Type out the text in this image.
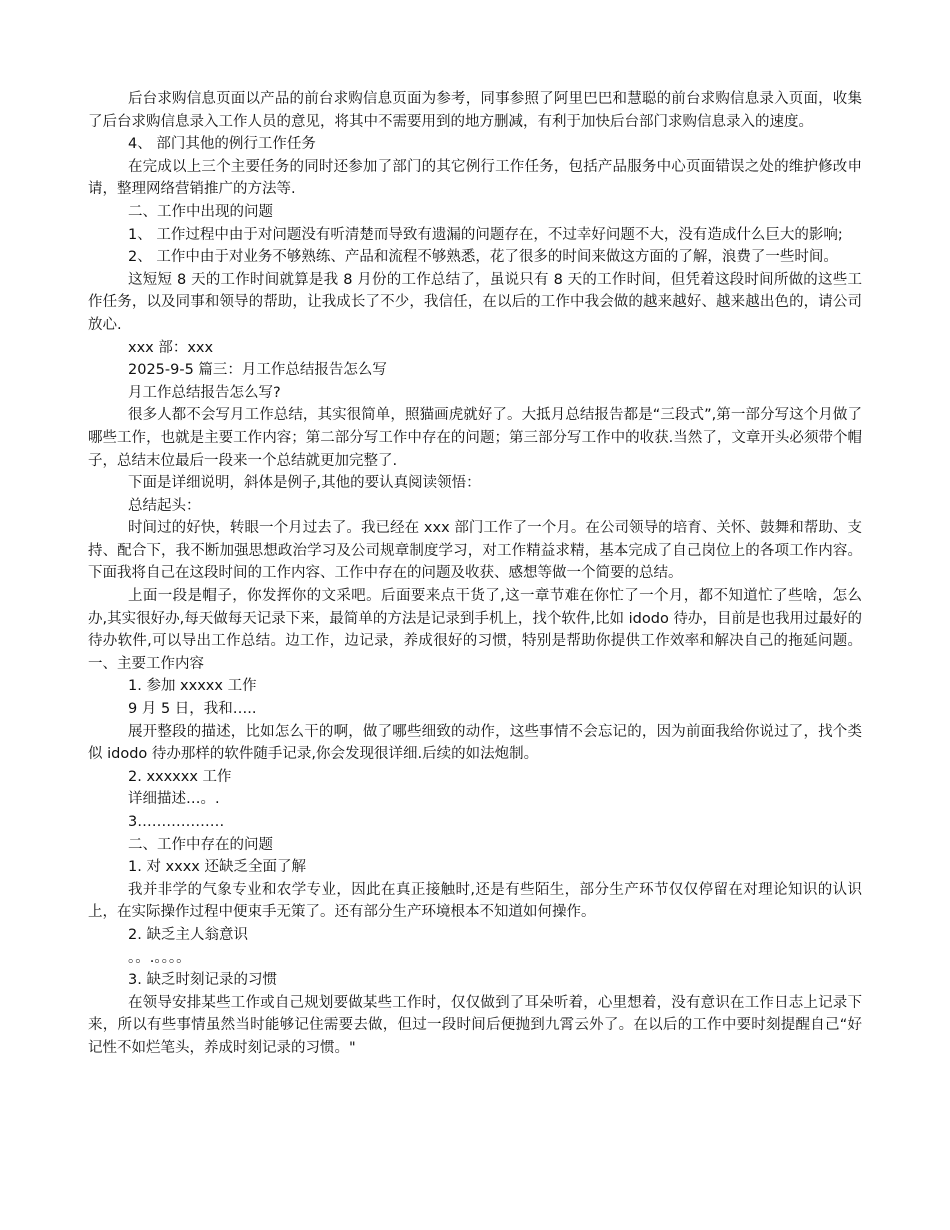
后台求购信息页面以产品的前台求购信息页面为参考，同事参照了阿里巴巴和慧聪的前台求购信息录入页面，收集了后台求购信息录入工作人员的意见，将其中不需要用到的地方删减，有利于加快后台部门求购信息录入的速度。

4、 部门其他的例行工作任务

在完成以上三个主要任务的同时还参加了部门的其它例行工作任务，包括产品服务中心页面错误之处的维护修改申请，整理网络营销推广的方法等.

二、工作中出现的问题

1、 工作过程中由于对问题没有听清楚而导致有遗漏的问题存在，不过幸好问题不大，没有造成什么巨大的影响;

2、 工作中由于对业务不够熟练、产品和流程不够熟悉，花了很多的时间来做这方面的了解，浪费了一些时间。

这短短 8 天的工作时间就算是我 8 月份的工作总结了，虽说只有 8 天的工作时间，但凭着这段时间所做的这些工作任务，以及同事和领导的帮助，让我成长了不少，我信任，在以后的工作中我会做的越来越好、越来越出色的，请公司放心.

xxx 部：xxx

2025-9-5 篇三：月工作总结报告怎么写

月工作总结报告怎么写?

很多人都不会写月工作总结，其实很简单，照猫画虎就好了。大抵月总结报告都是“三段式”,第一部分写这个月做了哪些工作，也就是主要工作内容；第二部分写工作中存在的问题；第三部分写工作中的收获.当然了，文章开头必须带个帽子，总结末位最后一段来一个总结就更加完整了.

下面是详细说明，斜体是例子,其他的要认真阅读领悟：

总结起头：

时间过的好快，转眼一个月过去了。我已经在 xxx 部门工作了一个月。在公司领导的培育、关怀、鼓舞和帮助、支持、配合下，我不断加强思想政治学习及公司规章制度学习，对工作精益求精，基本完成了自己岗位上的各项工作内容。下面我将自己在这段时间的工作内容、工作中存在的问题及收获、感想等做一个简要的总结。

上面一段是帽子，你发挥你的文采吧。后面要来点干货了,这一章节难在你忙了一个月，都不知道忙了些啥，怎么办,其实很好办,每天做每天记录下来，最简单的方法是记录到手机上，找个软件,比如 idodo 待办，目前是也我用过最好的待办软件,可以导出工作总结。边工作，边记录，养成很好的习惯，特别是帮助你提供工作效率和解决自己的拖延问题。 一、主要工作内容

1. 参加 xxxxx 工作

9 月 5 日，我和…..

展开整段的描述，比如怎么干的啊，做了哪些细致的动作，这些事情不会忘记的，因为前面我给你说过了，找个类似 idodo 待办那样的软件随手记录,你会发现很详细.后续的如法炮制。

2. xxxxxx 工作

详细描述…。.

3………………

二、工作中存在的问题

1. 对 xxxx 还缺乏全面了解

我并非学的气象专业和农学专业，因此在真正接触时,还是有些陌生，部分生产环节仅仅停留在对理论知识的认识上，在实际操作过程中便束手无策了。还有部分生产环境根本不知道如何操作。

2. 缺乏主人翁意识

。。.。。。。

3. 缺乏时刻记录的习惯

在领导安排某些工作或自己规划要做某些工作时，仅仅做到了耳朵听着，心里想着，没有意识在工作日志上记录下来，所以有些事情虽然当时能够记住需要去做，但过一段时间后便抛到九霄云外了。在以后的工作中要时刻提醒自己“好记性不如烂笔头，养成时刻记录的习惯。"
